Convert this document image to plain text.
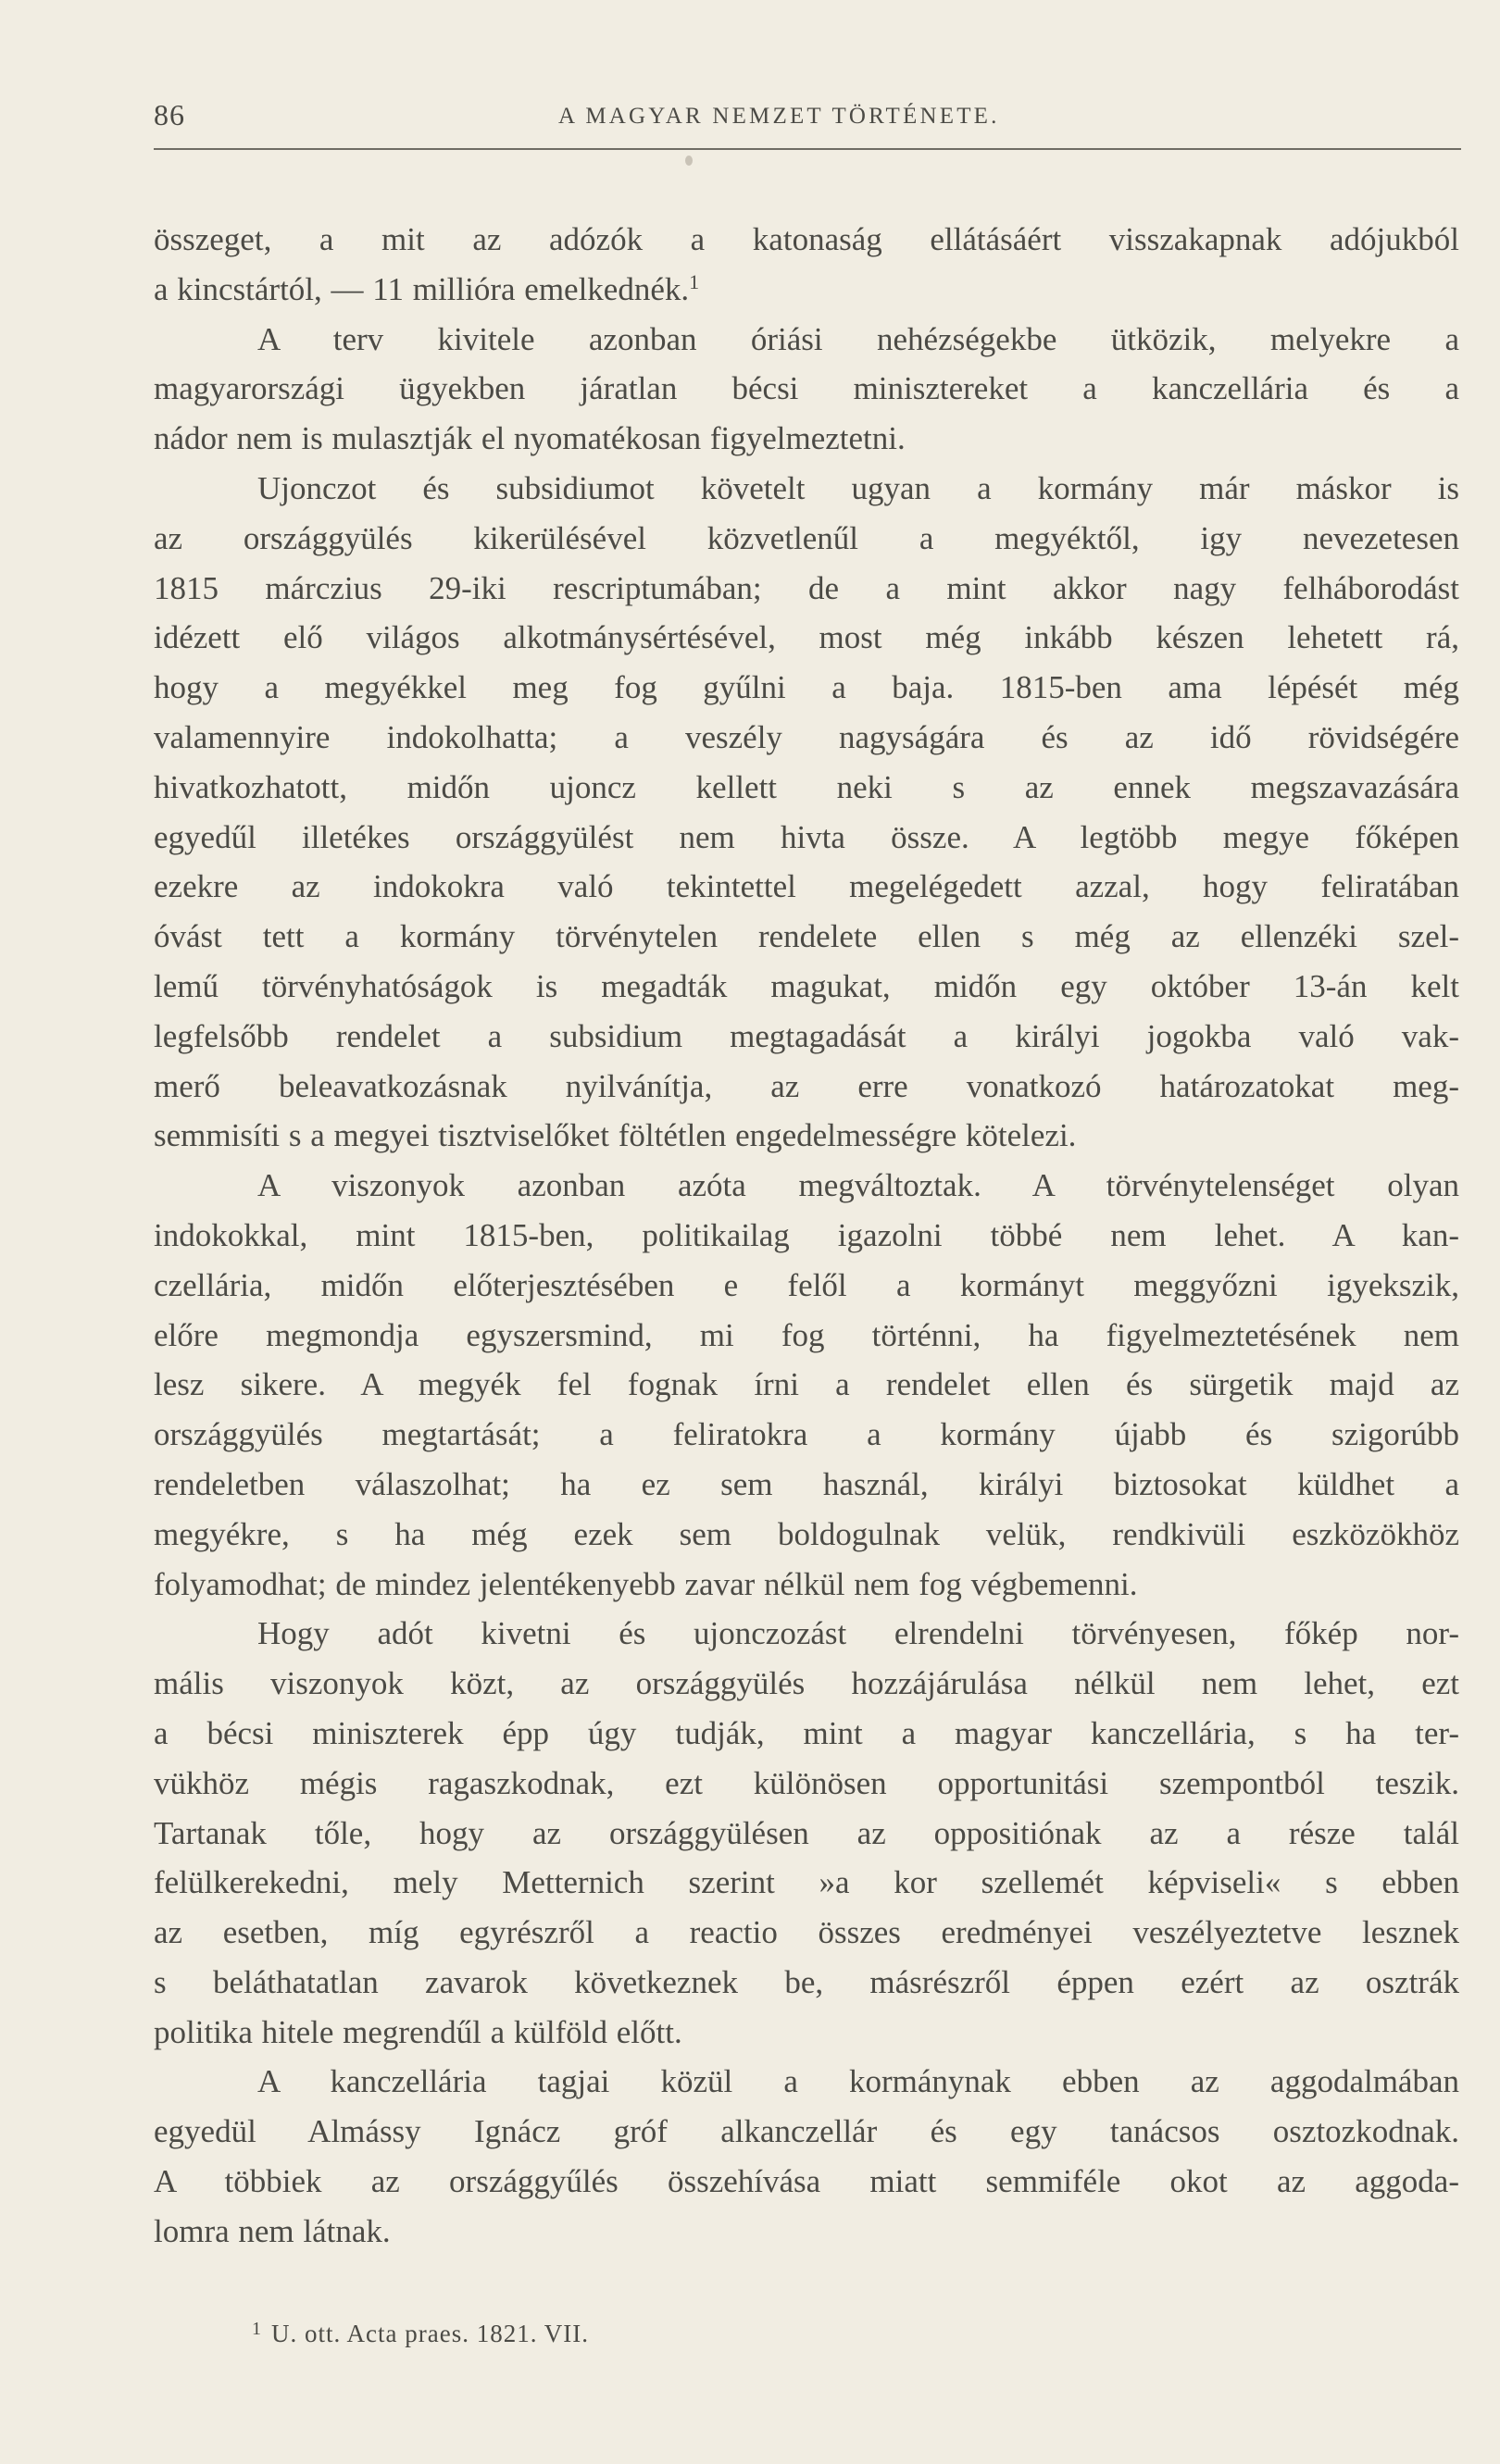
86	A MAGYAR NEMZET TÖRTÉNETE.

összeget, a mit az adózók a katonaság ellátásáért visszakapnak adójukból

a kincstártól, — 11 millióra emelkednék.$^1$

A terv kivitele azonban óriási nehézségekbe ütközik, melyekre a

magyarországi ügyekben járatlan bécsi minisztereket a kanczellária és a

nádor nem is mulasztják el nyomatékosan figyelmeztetni.

Ujonczot és subsidiumot követelt ugyan a kormány már máskor is

az országgyülés kikerülésével közvetlenűl a megyéktől, igy nevezetesen

1815 márczius 29-iki rescriptumában; de a mint akkor nagy felháborodást

idézett elő világos alkotmánysértésével, most még inkább készen lehetett rá,

hogy a megyékkel meg fog gyűlni a baja. 1815-ben ama lépését még

valamennyire indokolhatta; a veszély nagyságára és az idő rövidségére

hivatkozhatott, midőn ujoncz kellett neki s az ennek megszavazására

egyedűl illetékes országgyülést nem hivta össze. A legtöbb megye főképen

ezekre az indokokra való tekintettel megelégedett azzal, hogy feliratában

óvást tett a kormány törvénytelen rendelete ellen s még az ellenzéki szel-

lemű törvényhatóságok is megadták magukat, midőn egy október 13-án kelt

legfelsőbb rendelet a subsidium megtagadását a királyi jogokba való vak-

merő beleavatkozásnak nyilvánítja, az erre vonatkozó határozatokat meg-

semmisíti s a megyei tisztviselőket föltétlen engedelmességre kötelezi.

A viszonyok azonban azóta megváltoztak. A törvénytelenséget olyan

indokokkal, mint 1815-ben, politikailag igazolni többé nem lehet. A kan-

czellária, midőn előterjesztésében e felől a kormányt meggyőzni igyekszik,

előre megmondja egyszersmind, mi fog történni, ha figyelmeztetésének nem

lesz sikere. A megyék fel fognak írni a rendelet ellen és sürgetik majd az

országgyülés megtartását; a feliratokra a kormány újabb és szigorúbb

rendeletben válaszolhat; ha ez sem használ, királyi biztosokat küldhet a

megyékre, s ha még ezek sem boldogulnak velük, rendkivüli eszközökhöz

folyamodhat; de mindez jelentékenyebb zavar nélkül nem fog végbemenni.

Hogy adót kivetni és ujonczozást elrendelni törvényesen, főkép nor-

mális viszonyok közt, az országgyülés hozzájárulása nélkül nem lehet, ezt

a bécsi miniszterek épp úgy tudják, mint a magyar kanczellária, s ha ter-

vükhöz mégis ragaszkodnak, ezt különösen opportunitási szempontból teszik.

Tartanak tőle, hogy az országgyülésen az oppositiónak az a része talál

felülkerekedni, mely Metternich szerint »a kor szellemét képviseli« s ebben

az esetben, míg egyrészről a reactio összes eredményei veszélyeztetve lesznek

s beláthatatlan zavarok következnek be, másrészről éppen ezért az osztrák

politika hitele megrendűl a külföld előtt.

A kanczellária tagjai közül a kormánynak ebben az aggodalmában

egyedül Almássy Ignácz gróf alkanczellár és egy tanácsos osztozkodnak.

A többiek az országgyűlés összehívása miatt semmiféle okot az aggoda-

lomra nem látnak.

$^1$ U. ott. Acta praes. 1821. VII.
